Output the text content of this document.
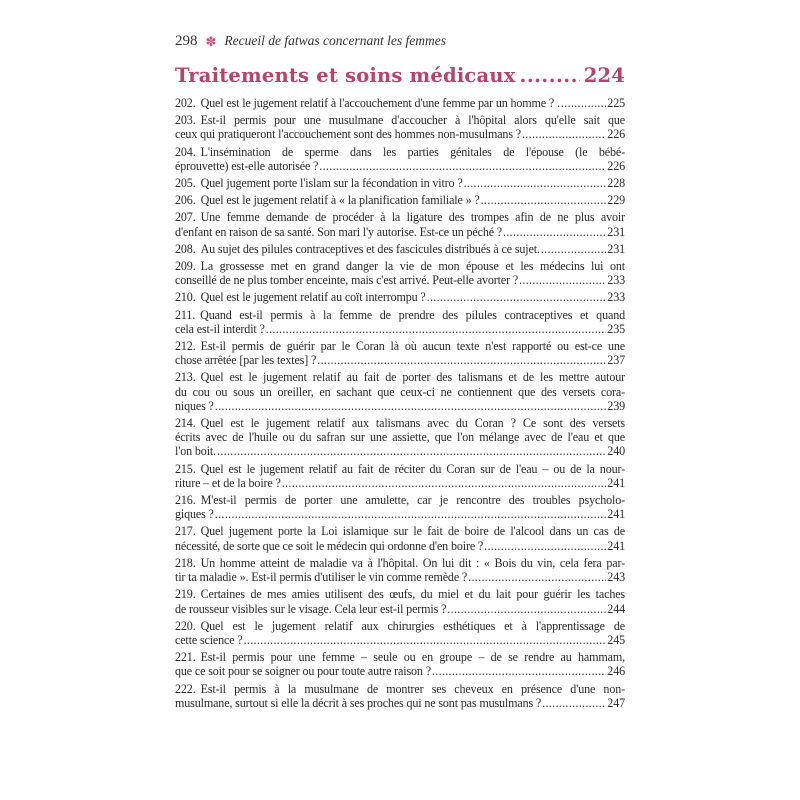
298 ✽ Recueil de fatwas concernant les femmes
Traitements et soins médicaux .....	224
202. Quel est le jugement relatif à l'accouchement d'une femme par un homme ? . .....	225
203. Est-il permis pour une musulmane d'accoucher à l'hôpital alors qu'elle sait que
ceux qui pratiqueront l'accouchement sont des hommes non-musulmans ? .....	226
204. L'insémination de sperme dans les parties génitales de l'épouse (le bébé-
éprouvette) est-elle autorisée ? .....	226
205. Quel jugement porte l'islam sur la fécondation in vitro ? .....	228
206. Quel est le jugement relatif à « la planification familiale » ? .....	229
207. Une femme demande de procéder à la ligature des trompes afin de ne plus avoir
d'enfant en raison de sa santé. Son mari l'y autorise. Est-ce un péché ? .....	231
208. Au sujet des pilules contraceptives et des fascicules distribués à ce sujet. .....	231
209. La grossesse met en grand danger la vie de mon épouse et les médecins lui ont
conseillé de ne plus tomber enceinte, mais c'est arrivé. Peut-elle avorter ? .....	233
210. Quel est le jugement relatif au coït interrompu ? .....	233
211. Quand est-il permis à la femme de prendre des pilules contraceptives et quand
cela est-il interdit ? .....	235
212. Est-il permis de guérir par le Coran là où aucun texte n'est rapporté ou est-ce une
chose arrêtée [par les textes] ? .....	237
213. Quel est le jugement relatif au fait de porter des talismans et de les mettre autour
du cou ou sous un oreiller, en sachant que ceux-ci ne contiennent que des versets cora-
niques ? .....	239
214. Quel est le jugement relatif aux talismans avec du Coran ? Ce sont des versets
écrits avec de l'huile ou du safran sur une assiette, que l'on mélange avec de l'eau et que
l'on boit. .....	240
215. Quel est le jugement relatif au fait de réciter du Coran sur de l'eau – ou de la nour-
riture – et de la boire ? .....	241
216. M'est-il permis de porter une amulette, car je rencontre des troubles psycholo-
giques ? .....	241
217. Quel jugement porte la Loi islamique sur le fait de boire de l'alcool dans un cas de
nécessité, de sorte que ce soit le médecin qui ordonne d'en boire ? .....	241
218. Un homme atteint de maladie va à l'hôpital. On lui dit : « Bois du vin, cela fera par-
tir ta maladie ». Est-il permis d'utiliser le vin comme remède ? .....	243
219. Certaines de mes amies utilisent des œufs, du miel et du lait pour guérir les taches
de rousseur visibles sur le visage. Cela leur est-il permis ? .....	244
220. Quel est le jugement relatif aux chirurgies esthétiques et à l'apprentissage de
cette science ? .....	245
221. Est-il permis pour une femme – seule ou en groupe – de se rendre au hammam,
que ce soit pour se soigner ou pour toute autre raison ? .....	246
222. Est-il permis à la musulmane de montrer ses cheveux en présence d'une non-
musulmane, surtout si elle la décrit à ses proches qui ne sont pas musulmans ? .....	247
